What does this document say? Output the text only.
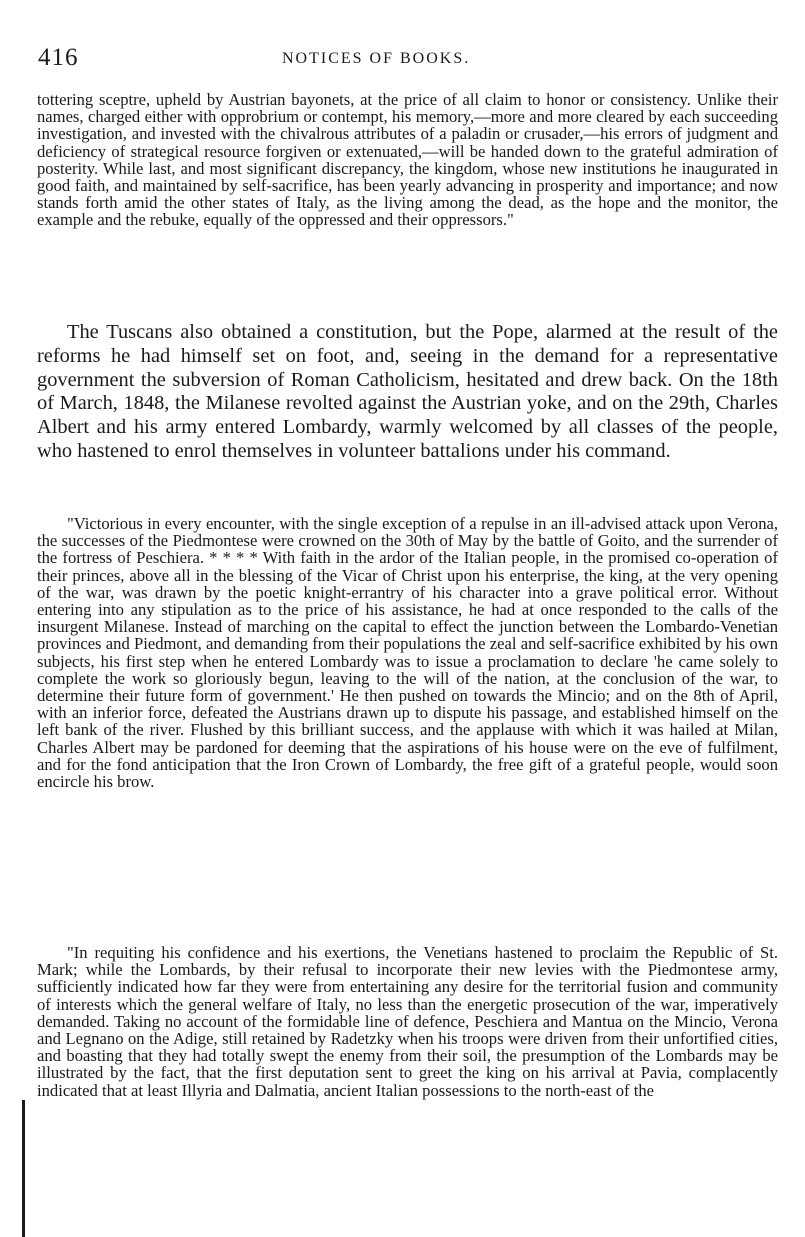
416	NOTICES OF BOOKS.

tottering sceptre, upheld by Austrian bayonets, at the price of all claim to honor or consistency. Unlike their names, charged either with opprobrium or contempt, his memory,—more and more cleared by each succeeding investigation, and invested with the chivalrous attributes of a paladin or crusader,—his errors of judgment and deficiency of strategical resource forgiven or extenuated,—will be handed down to the grateful admiration of posterity. While last, and most significant discrepancy, the kingdom, whose new institutions he inaugurated in good faith, and maintained by self-sacrifice, has been yearly advancing in prosperity and importance; and now stands forth amid the other states of Italy, as the living among the dead, as the hope and the monitor, the example and the rebuke, equally of the oppressed and their oppressors."

The Tuscans also obtained a constitution, but the Pope, alarmed at the result of the reforms he had himself set on foot, and, seeing in the demand for a representative government the subversion of Roman Catholicism, hesitated and drew back. On the 18th of March, 1848, the Milanese revolted against the Austrian yoke, and on the 29th, Charles Albert and his army entered Lombardy, warmly welcomed by all classes of the people, who hastened to enrol themselves in volunteer battalions under his command.

"Victorious in every encounter, with the single exception of a repulse in an ill-advised attack upon Verona, the successes of the Piedmontese were crowned on the 30th of May by the battle of Goito, and the surrender of the fortress of Peschiera. * * * * With faith in the ardor of the Italian people, in the promised co-operation of their princes, above all in the blessing of the Vicar of Christ upon his enterprise, the king, at the very opening of the war, was drawn by the poetic knight-errantry of his character into a grave political error. Without entering into any stipulation as to the price of his assistance, he had at once responded to the calls of the insurgent Milanese. Instead of marching on the capital to effect the junction between the Lombardo-Venetian provinces and Piedmont, and demanding from their populations the zeal and self-sacrifice exhibited by his own subjects, his first step when he entered Lombardy was to issue a proclamation to declare 'he came solely to complete the work so gloriously begun, leaving to the will of the nation, at the conclusion of the war, to determine their future form of government.' He then pushed on towards the Mincio; and on the 8th of April, with an inferior force, defeated the Austrians drawn up to dispute his passage, and established himself on the left bank of the river. Flushed by this brilliant success, and the applause with which it was hailed at Milan, Charles Albert may be pardoned for deeming that the aspirations of his house were on the eve of fulfilment, and for the fond anticipation that the Iron Crown of Lombardy, the free gift of a grateful people, would soon encircle his brow.

"In requiting his confidence and his exertions, the Venetians hastened to proclaim the Republic of St. Mark; while the Lombards, by their refusal to incorporate their new levies with the Piedmontese army, sufficiently indicated how far they were from entertaining any desire for the territorial fusion and community of interests which the general welfare of Italy, no less than the energetic prosecution of the war, imperatively demanded. Taking no account of the formidable line of defence, Peschiera and Mantua on the Mincio, Verona and Legnano on the Adige, still retained by Radetzky when his troops were driven from their unfortified cities, and boasting that they had totally swept the enemy from their soil, the presumption of the Lombards may be illustrated by the fact, that the first deputation sent to greet the king on his arrival at Pavia, complacently indicated that at least Illyria and Dalmatia, ancient Italian possessions to the north-east of the
